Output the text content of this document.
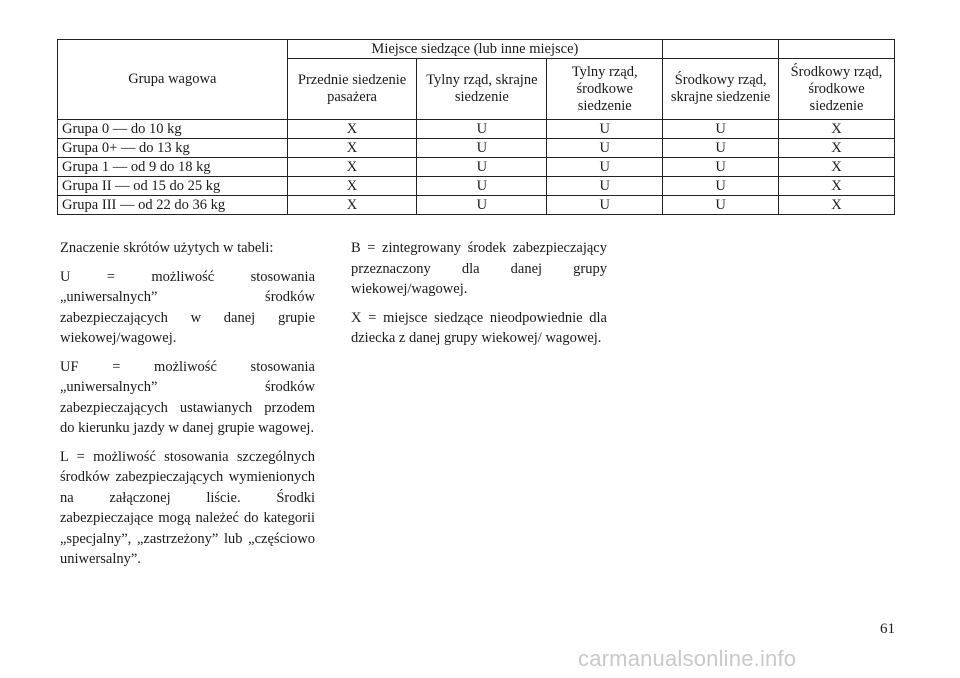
Grupa wagowa	Miejsce siedzące (lub inne miejsce)				
	Przednie siedzenie pasażera	Tylny rząd, skrajne siedzenie	Tylny rząd, środkowe siedzenie	Środkowy rząd, skrajne siedzenie	Środkowy rząd, środkowe siedzenie
Grupa 0 — do 10 kg	X	U	U	U	X
Grupa 0+ — do 13 kg	X	U	U	U	X
Grupa 1 — od 9 do 18 kg	X	U	U	U	X
Grupa II — od 15 do 25 kg	X	U	U	U	X
Grupa III — od 22 do 36 kg	X	U	U	U	X

Znaczenie skrótów użytych w tabeli:

U = możliwość stosowania „uniwersalnych” środków zabezpieczających w danej grupie wiekowej/wagowej.

UF = możliwość stosowania „uniwersalnych” środków zabezpieczających ustawianych przodem do kierunku jazdy w danej grupie wagowej.

L = możliwość stosowania szczególnych środków zabezpieczających wymienionych na załączonej liście. Środki zabezpieczające mogą należeć do kategorii „specjalny”, „zastrzeżony” lub „częściowo uniwersalny”.

B = zintegrowany środek zabezpieczający przeznaczony dla danej grupy wiekowej/wagowej.

X = miejsce siedzące nieodpowiednie dla dziecka z danej grupy wiekowej/ wagowej.

61
carmanualsonline.info
